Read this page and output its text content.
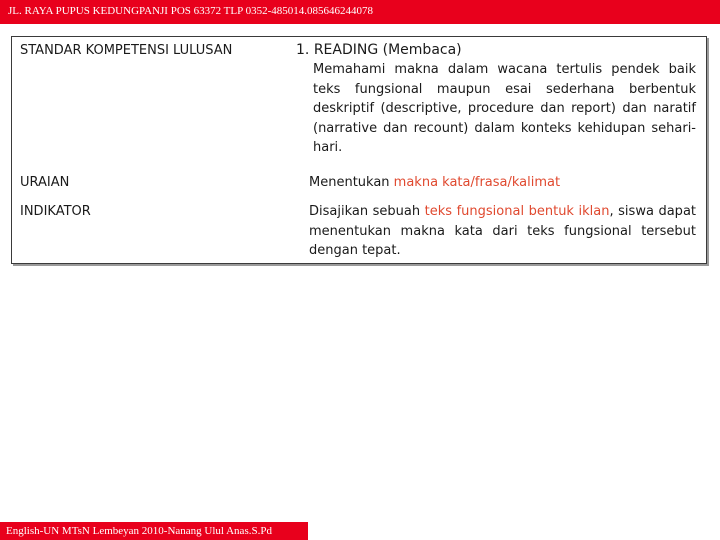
JL. RAYA PUPUS KEDUNGPANJI POS 63372 TLP 0352-485014.085646244078
STANDAR KOMPETENSI LULUSAN	1. READING (Membaca)
Memahami makna dalam wacana tertulis pendek baik teks fungsional maupun esai sederhana berbentuk deskriptif (descriptive, procedure dan report) dan naratif (narrative dan recount) dalam konteks kehidupan sehari-hari.
URAIAN	Menentukan makna kata/frasa/kalimat
INDIKATOR	Disajikan sebuah teks fungsional bentuk iklan, siswa dapat menentukan makna kata dari teks fungsional tersebut dengan tepat.
English-UN MTsN Lembeyan 2010-Nanang Ulul Anas.S.Pd
